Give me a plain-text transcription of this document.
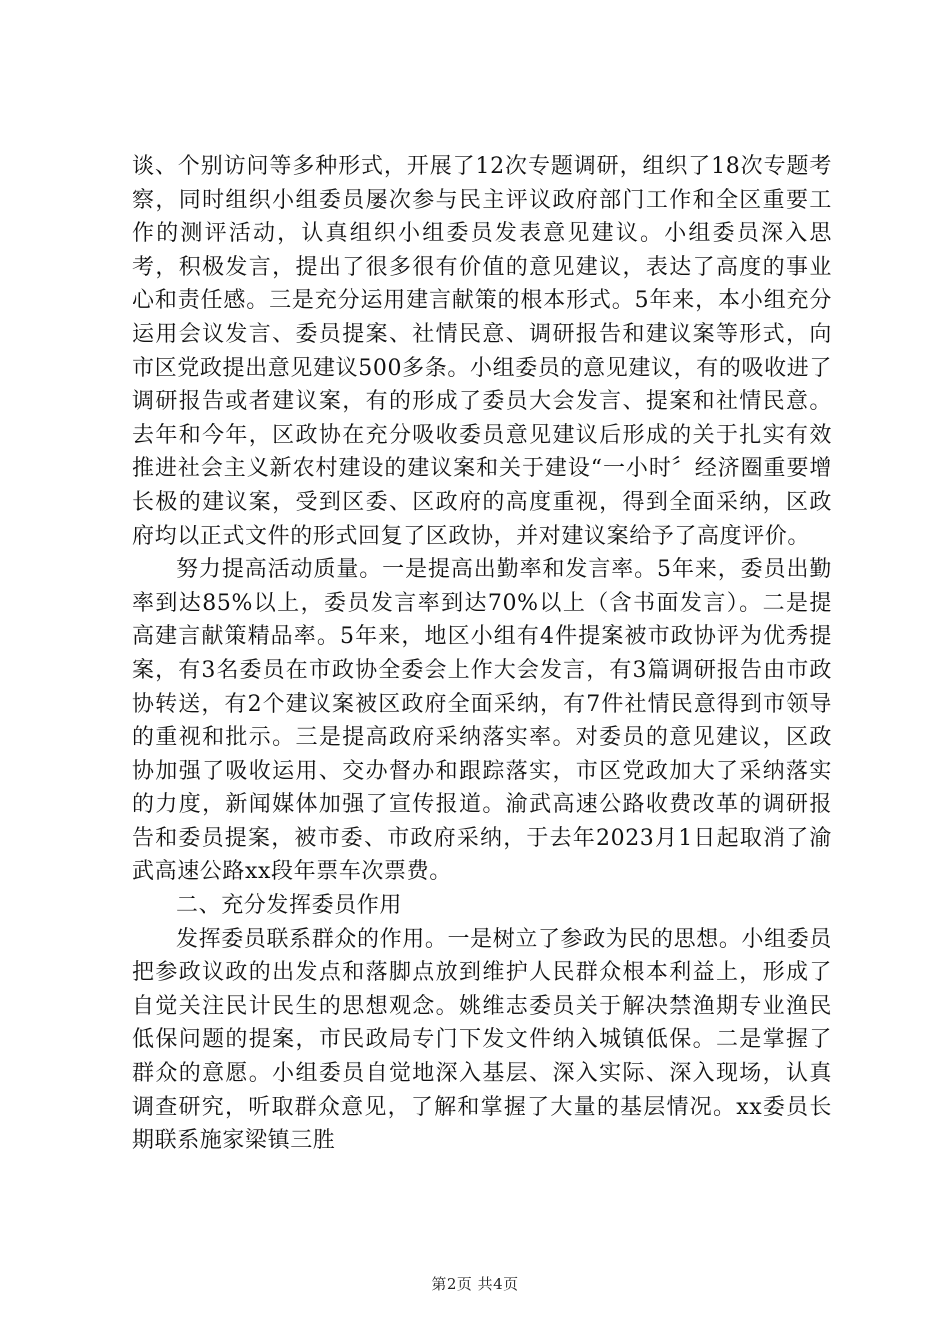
谈、个别访问等多种形式，开展了12次专题调研，组织了18次专题考察，同时组织小组委员屡次参与民主评议政府部门工作和全区重要工作的测评活动，认真组织小组委员发表意见建议。小组委员深入思考，积极发言，提出了很多很有价值的意见建议，表达了高度的事业心和责任感。三是充分运用建言献策的根本形式。5年来，本小组充分运用会议发言、委员提案、社情民意、调研报告和建议案等形式，向市区党政提出意见建议500多条。小组委员的意见建议，有的吸收进了调研报告或者建议案，有的形成了委员大会发言、提案和社情民意。去年和今年，区政协在充分吸收委员意见建议后形成的关于扎实有效推进社会主义新农村建设的建议案和关于建设“一小时〞经济圈重要增长极的建议案，受到区委、区政府的高度重视，得到全面采纳，区政府均以正式文件的形式回复了区政协，并对建议案给予了高度评价。

努力提高活动质量。一是提高出勤率和发言率。5年来，委员出勤率到达85%以上，委员发言率到达70%以上（含书面发言）。二是提高建言献策精品率。5年来，地区小组有4件提案被市政协评为优秀提案，有3名委员在市政协全委会上作大会发言，有3篇调研报告由市政协转送，有2个建议案被区政府全面采纳，有7件社情民意得到市领导的重视和批示。三是提高政府采纳落实率。对委员的意见建议，区政协加强了吸收运用、交办督办和跟踪落实，市区党政加大了采纳落实的力度，新闻媒体加强了宣传报道。渝武高速公路收费改革的调研报告和委员提案，被市委、市政府采纳，于去年2023月1日起取消了渝武高速公路xx段年票车次票费。

二、充分发挥委员作用

发挥委员联系群众的作用。一是树立了参政为民的思想。小组委员把参政议政的出发点和落脚点放到维护人民群众根本利益上，形成了自觉关注民计民生的思想观念。姚维志委员关于解决禁渔期专业渔民低保问题的提案，市民政局专门下发文件纳入城镇低保。二是掌握了群众的意愿。小组委员自觉地深入基层、深入实际、深入现场，认真调查研究，听取群众意见，了解和掌握了大量的基层情况。xx委员长期联系施家梁镇三胜

第2页 共4页
